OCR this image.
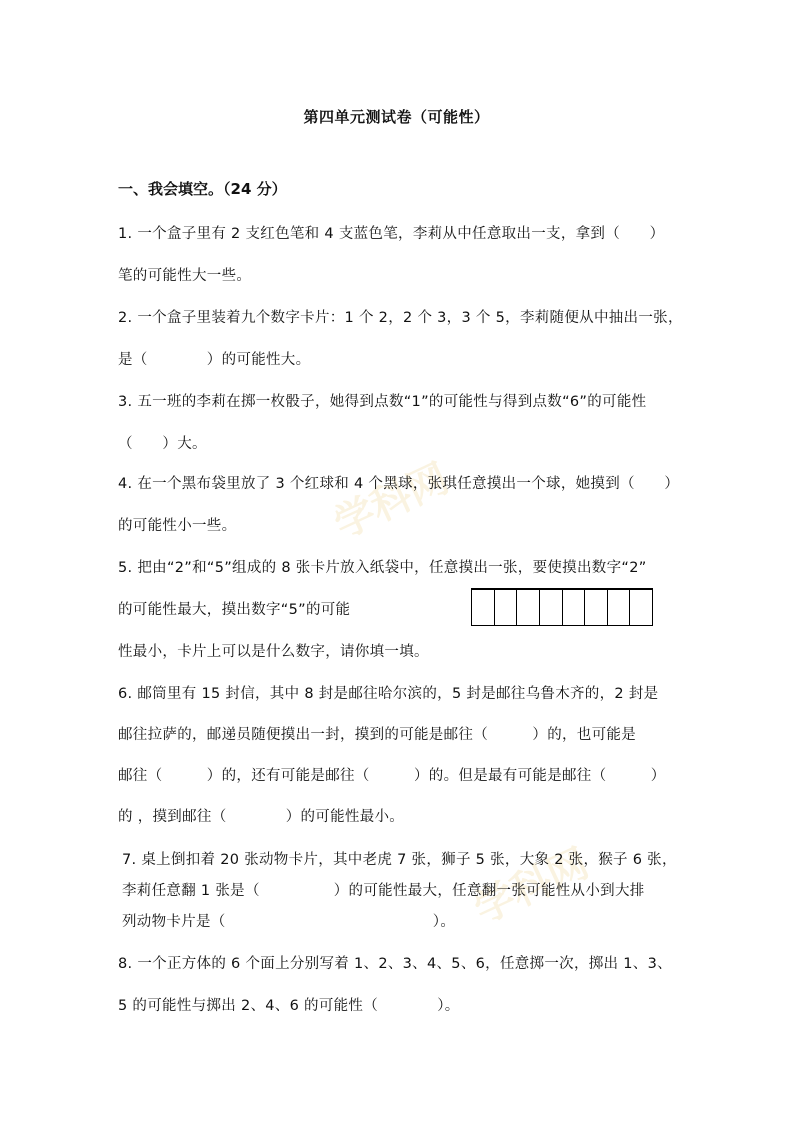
学科网
学科网
第四单元测试卷（可能性）
一、我会填空。（24 分）
1. 一个盒子里有 2 支红色笔和 4 支蓝色笔，李莉从中任意取出一支，拿到（　　）
笔的可能性大一些。
2. 一个盒子里装着九个数字卡片：1 个 2，2 个 3，3 个 5，李莉随便从中抽出一张，
是（　　　　）的可能性大。
3. 五一班的李莉在掷一枚骰子，她得到点数“1”的可能性与得到点数“6”的可能性
（　　）大。
4. 在一个黑布袋里放了 3 个红球和 4 个黑球，张琪任意摸出一个球，她摸到（　　）
的可能性小一些。
5. 把由“2”和“5”组成的 8 张卡片放入纸袋中，任意摸出一张，要使摸出数字“2”
的可能性最大，摸出数字“5”的可能
性最小，卡片上可以是什么数字，请你填一填。
6. 邮筒里有 15 封信，其中 8 封是邮往哈尔滨的，5 封是邮往乌鲁木齐的，2 封是
邮往拉萨的，邮递员随便摸出一封，摸到的可能是邮往（　　　）的，也可能是
邮往（　　　）的，还有可能是邮往（　　　）的。但是最有可能是邮往（　　　）
的 ，摸到邮往（　　　　）的可能性最小。
7. 桌上倒扣着 20 张动物卡片，其中老虎 7 张，狮子 5 张，大象 2 张，猴子 6 张，
李莉任意翻 1 张是（　　　　　）的可能性最大，任意翻一张可能性从小到大排
列动物卡片是（　　　　　　　　　　　　　　）。
8. 一个正方体的 6 个面上分别写着 1、2、3、4、5、6，任意掷一次，掷出 1、3、
5 的可能性与掷出 2、4、6 的可能性（　　　　）。
